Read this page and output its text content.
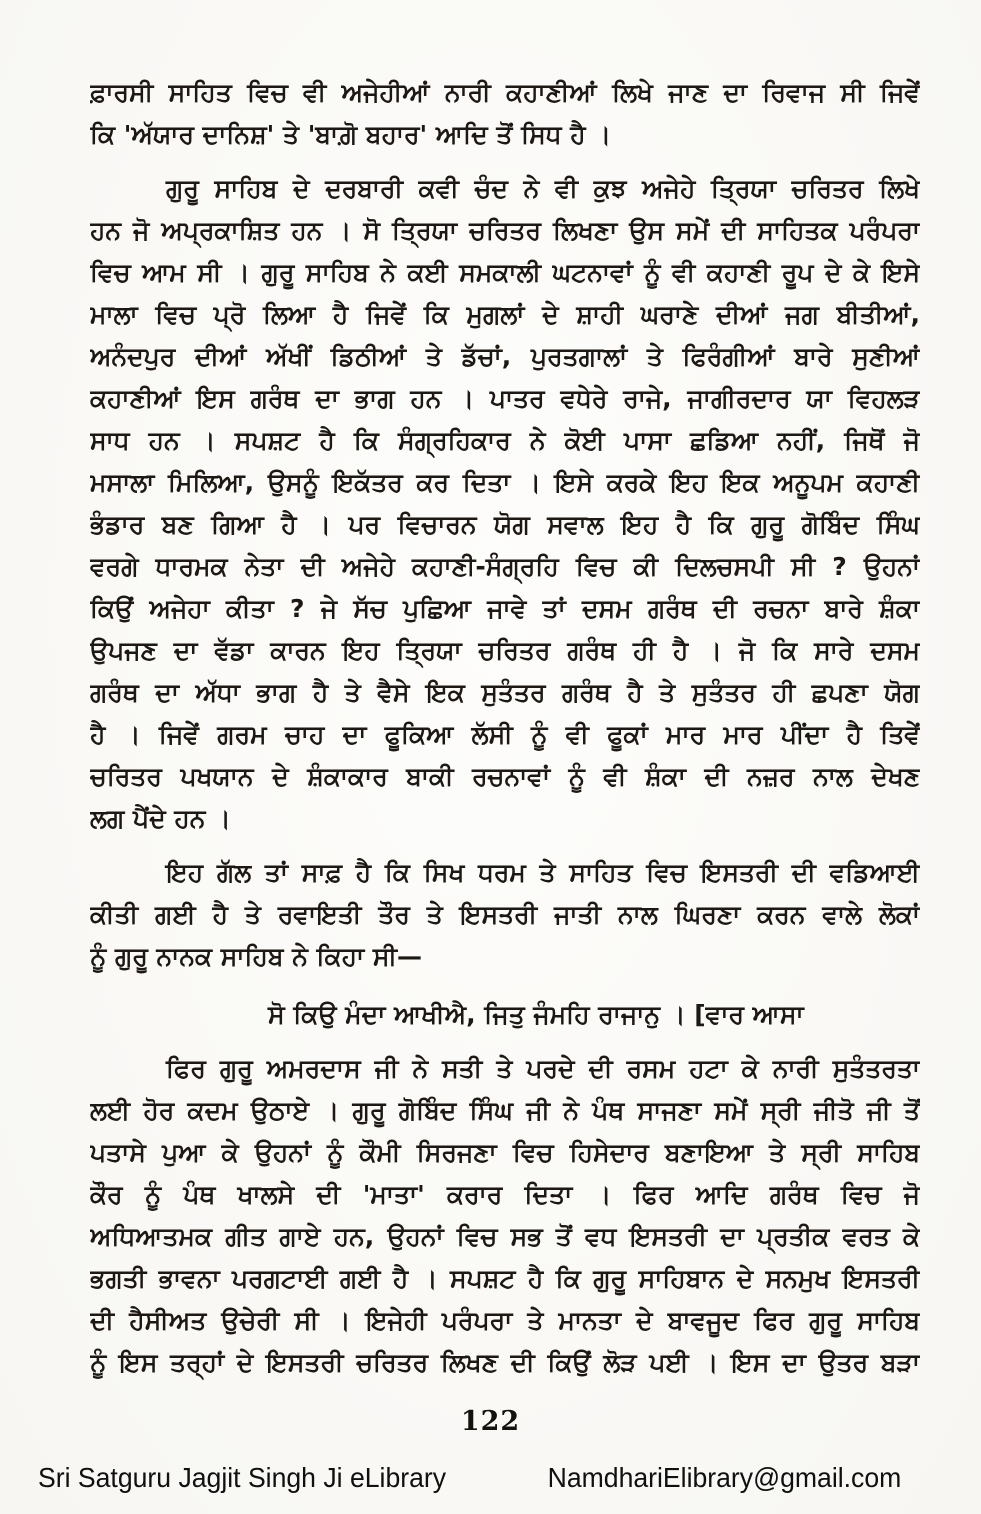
ਫ਼ਾਰਸੀ ਸਾਹਿਤ ਵਿਚ ਵੀ ਅਜੇਹੀਆਂ ਨਾਰੀ ਕਹਾਣੀਆਂ ਲਿਖੇ ਜਾਣ ਦਾ ਰਿਵਾਜ ਸੀ ਜਿਵੇਂ
ਕਿ 'ਅੱਯਾਰ ਦਾਨਿਸ਼' ਤੇ 'ਬਾਗ਼ੋ ਬਹਾਰ' ਆਦਿ ਤੋਂ ਸਿਧ ਹੈ ।
ਗੁਰੂ ਸਾਹਿਬ ਦੇ ਦਰਬਾਰੀ ਕਵੀ ਚੰਦ ਨੇ ਵੀ ਕੁਝ ਅਜੇਹੇ ਤ੍ਰਿਯਾ ਚਰਿਤਰ ਲਿਖੇ
ਹਨ ਜੋ ਅਪ੍ਰਕਾਸ਼ਿਤ ਹਨ । ਸੋ ਤ੍ਰਿਯਾ ਚਰਿਤਰ ਲਿਖਣਾ ਉਸ ਸਮੇਂ ਦੀ ਸਾਹਿਤਕ ਪਰੰਪਰਾ
ਵਿਚ ਆਮ ਸੀ । ਗੁਰੂ ਸਾਹਿਬ ਨੇ ਕਈ ਸਮਕਾਲੀ ਘਟਨਾਵਾਂ ਨੂੰ ਵੀ ਕਹਾਣੀ ਰੂਪ ਦੇ ਕੇ ਇਸੇ
ਮਾਲਾ ਵਿਚ ਪ੍ਰੋ ਲਿਆ ਹੈ ਜਿਵੇਂ ਕਿ ਮੁਗਲਾਂ ਦੇ ਸ਼ਾਹੀ ਘਰਾਣੇ ਦੀਆਂ ਜਗ ਬੀਤੀਆਂ,
ਅਨੰਦਪੁਰ ਦੀਆਂ ਅੱਖੀਂ ਡਿਠੀਆਂ ਤੇ ਡੱਚਾਂ, ਪੁਰਤਗਾਲਾਂ ਤੇ ਫਿਰੰਗੀਆਂ ਬਾਰੇ ਸੁਣੀਆਂ
ਕਹਾਣੀਆਂ ਇਸ ਗਰੰਥ ਦਾ ਭਾਗ ਹਨ । ਪਾਤਰ ਵਧੇਰੇ ਰਾਜੇ, ਜਾਗੀਰਦਾਰ ਯਾ ਵਿਹਲੜ
ਸਾਧ ਹਨ । ਸਪਸ਼ਟ ਹੈ ਕਿ ਸੰਗ੍ਰਹਿਕਾਰ ਨੇ ਕੋਈ ਪਾਸਾ ਛਡਿਆ ਨਹੀਂ, ਜਿਥੋਂ ਜੋ
ਮਸਾਲਾ ਮਿਲਿਆ, ਉਸਨੂੰ ਇਕੱਤਰ ਕਰ ਦਿਤਾ । ਇਸੇ ਕਰਕੇ ਇਹ ਇਕ ਅਨੂਪਮ ਕਹਾਣੀ
ਭੰਡਾਰ ਬਣ ਗਿਆ ਹੈ । ਪਰ ਵਿਚਾਰਨ ਯੋਗ ਸਵਾਲ ਇਹ ਹੈ ਕਿ ਗੁਰੂ ਗੋਬਿੰਦ ਸਿੰਘ
ਵਰਗੇ ਧਾਰਮਕ ਨੇਤਾ ਦੀ ਅਜੇਹੇ ਕਹਾਣੀ-ਸੰਗ੍ਰਹਿ ਵਿਚ ਕੀ ਦਿਲਚਸਪੀ ਸੀ ? ਉਹਨਾਂ
ਕਿਉਂ ਅਜੇਹਾ ਕੀਤਾ ? ਜੇ ਸੱਚ ਪੁਛਿਆ ਜਾਵੇ ਤਾਂ ਦਸਮ ਗਰੰਥ ਦੀ ਰਚਨਾ ਬਾਰੇ ਸ਼ੰਕਾ
ਉਪਜਣ ਦਾ ਵੱਡਾ ਕਾਰਨ ਇਹ ਤ੍ਰਿਯਾ ਚਰਿਤਰ ਗਰੰਥ ਹੀ ਹੈ । ਜੋ ਕਿ ਸਾਰੇ ਦਸਮ
ਗਰੰਥ ਦਾ ਅੱਧਾ ਭਾਗ ਹੈ ਤੇ ਵੈਸੇ ਇਕ ਸੁਤੰਤਰ ਗਰੰਥ ਹੈ ਤੇ ਸੁਤੰਤਰ ਹੀ ਛਪਣਾ ਯੋਗ
ਹੈ । ਜਿਵੇਂ ਗਰਮ ਚਾਹ ਦਾ ਫੂਕਿਆ ਲੱਸੀ ਨੂੰ ਵੀ ਫੂਕਾਂ ਮਾਰ ਮਾਰ ਪੀਂਦਾ ਹੈ ਤਿਵੇਂ
ਚਰਿਤਰ ਪਖਯਾਨ ਦੇ ਸ਼ੰਕਾਕਾਰ ਬਾਕੀ ਰਚਨਾਵਾਂ ਨੂੰ ਵੀ ਸ਼ੰਕਾ ਦੀ ਨਜ਼ਰ ਨਾਲ ਦੇਖਣ
ਲਗ ਪੈਂਦੇ ਹਨ ।
ਇਹ ਗੱਲ ਤਾਂ ਸਾਫ਼ ਹੈ ਕਿ ਸਿਖ ਧਰਮ ਤੇ ਸਾਹਿਤ ਵਿਚ ਇਸਤਰੀ ਦੀ ਵਡਿਆਈ
ਕੀਤੀ ਗਈ ਹੈ ਤੇ ਰਵਾਇਤੀ ਤੌਰ ਤੇ ਇਸਤਰੀ ਜਾਤੀ ਨਾਲ ਘਿਰਣਾ ਕਰਨ ਵਾਲੇ ਲੋਕਾਂ
ਨੂੰ ਗੁਰੂ ਨਾਨਕ ਸਾਹਿਬ ਨੇ ਕਿਹਾ ਸੀ—
ਸੋ ਕਿਉ ਮੰਦਾ ਆਖੀਐ, ਜਿਤੁ ਜੰਮਹਿ ਰਾਜਾਨੁ । [ਵਾਰ ਆਸਾ
ਫਿਰ ਗੁਰੂ ਅਮਰਦਾਸ ਜੀ ਨੇ ਸਤੀ ਤੇ ਪਰਦੇ ਦੀ ਰਸਮ ਹਟਾ ਕੇ ਨਾਰੀ ਸੁਤੰਤਰਤਾ
ਲਈ ਹੋਰ ਕਦਮ ਉਠਾਏ । ਗੁਰੂ ਗੋਬਿੰਦ ਸਿੰਘ ਜੀ ਨੇ ਪੰਥ ਸਾਜਣਾ ਸਮੇਂ ਸ੍ਰੀ ਜੀਤੋ ਜੀ ਤੋਂ
ਪਤਾਸੇ ਪੁਆ ਕੇ ਉਹਨਾਂ ਨੂੰ ਕੌਮੀ ਸਿਰਜਣਾ ਵਿਚ ਹਿਸੇਦਾਰ ਬਣਾਇਆ ਤੇ ਸ੍ਰੀ ਸਾਹਿਬ
ਕੌਰ ਨੂੰ ਪੰਥ ਖਾਲਸੇ ਦੀ 'ਮਾਤਾ' ਕਰਾਰ ਦਿਤਾ । ਫਿਰ ਆਦਿ ਗਰੰਥ ਵਿਚ ਜੋ
ਅਧਿਆਤਮਕ ਗੀਤ ਗਾਏ ਹਨ, ਉਹਨਾਂ ਵਿਚ ਸਭ ਤੋਂ ਵਧ ਇਸਤਰੀ ਦਾ ਪ੍ਰਤੀਕ ਵਰਤ ਕੇ
ਭਗਤੀ ਭਾਵਨਾ ਪਰਗਟਾਈ ਗਈ ਹੈ । ਸਪਸ਼ਟ ਹੈ ਕਿ ਗੁਰੂ ਸਾਹਿਬਾਨ ਦੇ ਸਨਮੁਖ ਇਸਤਰੀ
ਦੀ ਹੈਸੀਅਤ ਉਚੇਰੀ ਸੀ । ਇਜੇਹੀ ਪਰੰਪਰਾ ਤੇ ਮਾਨਤਾ ਦੇ ਬਾਵਜੂਦ ਫਿਰ ਗੁਰੂ ਸਾਹਿਬ
ਨੂੰ ਇਸ ਤਰ੍ਹਾਂ ਦੇ ਇਸਤਰੀ ਚਰਿਤਰ ਲਿਖਣ ਦੀ ਕਿਉਂ ਲੋੜ ਪਈ । ਇਸ ਦਾ ਉਤਰ ਬੜਾ
122
Sri Satguru Jagjit Singh Ji eLibrary	NamdhariElibrary@gmail.com
